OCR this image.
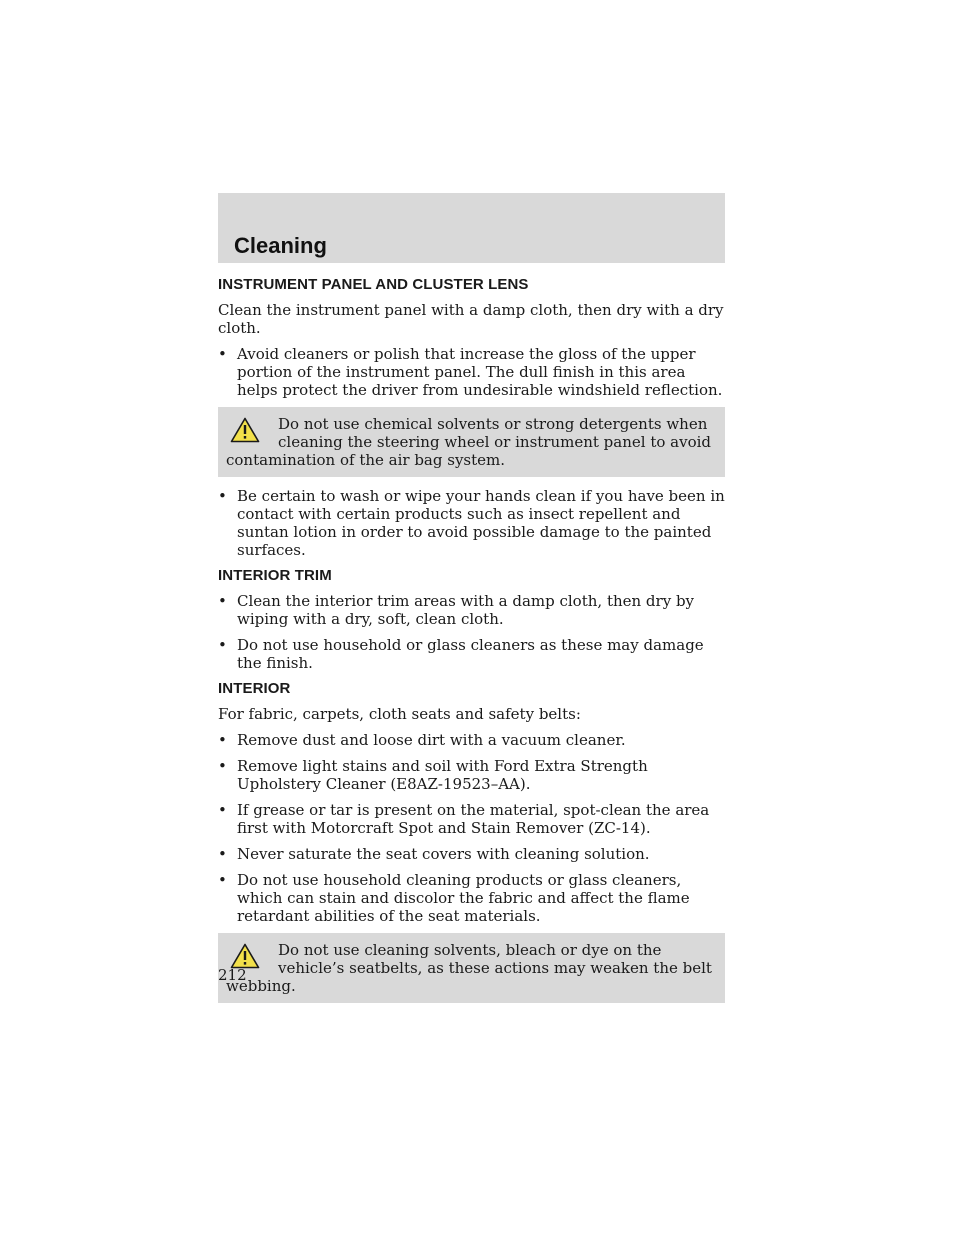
Cleaning
INSTRUMENT PANEL AND CLUSTER LENS

Clean the instrument panel with a damp cloth, then dry with a dry cloth.

• Avoid cleaners or polish that increase the gloss of the upper portion of the instrument panel. The dull finish in this area helps protect the driver from undesirable windshield reflection.

Do not use chemical solvents or strong detergents when cleaning the steering wheel or instrument panel to avoid contamination of the air bag system.

• Be certain to wash or wipe your hands clean if you have been in contact with certain products such as insect repellent and suntan lotion in order to avoid possible damage to the painted surfaces.
INTERIOR TRIM
• Clean the interior trim areas with a damp cloth, then dry by wiping with a dry, soft, clean cloth.
• Do not use household or glass cleaners as these may damage the finish.
INTERIOR

For fabric, carpets, cloth seats and safety belts:

• Remove dust and loose dirt with a vacuum cleaner.
• Remove light stains and soil with Ford Extra Strength Upholstery Cleaner (E8AZ-19523–AA).
• If grease or tar is present on the material, spot-clean the area first with Motorcraft Spot and Stain Remover (ZC-14).
• Never saturate the seat covers with cleaning solution.
• Do not use household cleaning products or glass cleaners, which can stain and discolor the fabric and affect the flame retardant abilities of the seat materials.

Do not use cleaning solvents, bleach or dye on the vehicle’s seatbelts, as these actions may weaken the belt webbing.

212
